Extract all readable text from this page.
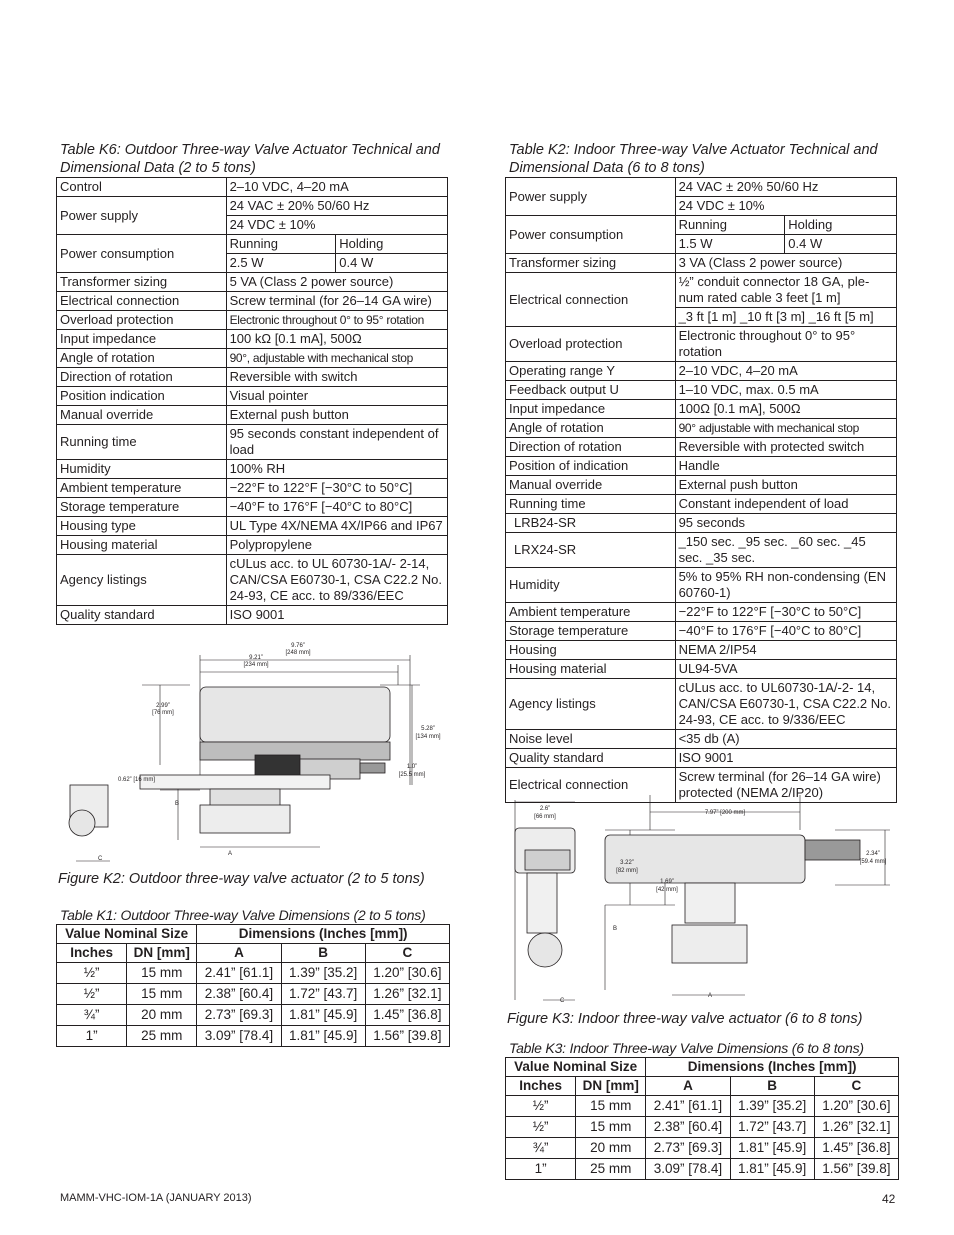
Table K6: Outdoor Three-way Valve Actuator Technical and Dimensional Data (2 to 5 tons)

Control	2–10 VDC, 4–20 mA	
Power supply	24 VAC ± 20% 50/60 Hz	
	24 VDC ± 10%	
Power consumption	Running	Holding
	2.5 W	0.4 W
Transformer sizing	5 VA (Class 2 power source)	
Electrical connection	Screw terminal (for 26–14 GA wire)	
Overload protection	Electronic throughout 0° to 95° rotation	
Input impedance	100 kΩ [0.1 mA], 500Ω	
Angle of rotation	90°, adjustable with mechanical stop	
Direction of rotation	Reversible with switch	
Position indication	Visual pointer	
Manual override	External push button	
Running time	95 seconds constant independent of load	
Humidity	100% RH	
Ambient temperature	−22°F to 122°F [−30°C to 50°C]	
Storage temperature	−40°F to 176°F [−40°C to 80°C]	
Housing type	UL Type 4X/NEMA 4X/IP66 and IP67	
Housing material	Polypropylene	
Agency listings	cULus acc. to UL 60730-1A/- 2-14, CAN/CSA E60730-1, CSA C22.2 No. 24-93, CE acc. to 89/336/EEC	
Quality standard	ISO 9001	
9.76”
[248 mm]
9.21”
[234 mm]
2.99”
[76 mm]
5.28”
[134 mm]
1.0”
[25.5 mm]
0.62” [16 mm]
A
B
C

Figure K2: Outdoor three-way valve actuator (2 to 5 tons)

Table K1: Outdoor Three-way Valve Dimensions (2 to 5 tons)

Value Nominal Size		Dimensions (Inches [mm])		
Inches	DN [mm]	A	B	C
½”	15 mm	2.41” [61.1]	1.39” [35.2]	1.20” [30.6]
½”	15 mm	2.38” [60.4]	1.72” [43.7]	1.26” [32.1]
¾”	20 mm	2.73” [69.3]	1.81” [45.9]	1.45” [36.8]
1”	25 mm	3.09” [78.4]	1.81” [45.9]	1.56” [39.8]

Table K2: Indoor Three-way Valve Actuator Technical and Dimensional Data (6 to 8 tons)

Power supply	24 VAC ± 20% 50/60 Hz	
	24 VDC ± 10%	
Power consumption	Running	Holding
	1.5 W	0.4 W
Transformer sizing	3 VA (Class 2 power source)	
Electrical connection	½” conduit connector 18 GA, ple-num rated cable 3 feet [1 m]	
	_3 ft [1 m] _10 ft [3 m] _16 ft [5 m]	
Overload protection	Electronic throughout 0° to 95° rotation	
Operating range Y	2–10 VDC, 4–20 mA	
Feedback output U	1–10 VDC, max. 0.5 mA	
Input impedance	100Ω [0.1 mA], 500Ω	
Angle of rotation	90° adjustable with mechanical stop	
Direction of rotation	Reversible with protected switch	
Position of indication	Handle	
Manual override	External push button	
Running time	Constant independent of load	
LRB24-SR	95 seconds	
LRX24-SR	_150 sec. _95 sec. _60 sec. _45 sec. _35 sec.	
Humidity	5% to 95% RH non-condensing (EN 60760-1)	
Ambient temperature	−22°F to 122°F [−30°C to 50°C]	
Storage temperature	−40°F to 176°F [−40°C to 80°C]	
Housing	NEMA 2/IP54	
Housing material	UL94-5VA	
Agency listings	cULus acc. to UL60730-1A/-2- 14, CAN/CSA E60730-1, CSA C22.2 No. 24-93, CE acc. to 9/336/EEC	
Noise level	<35 db (A)	
Quality standard	ISO 9001	
Electrical connection	Screw terminal (for 26–14 GA wire) protected (NEMA 2/IP20)	
2.6”
[66 mm]
7.97” [200 mm]
3.22”
[82 mm]
1.69”
[42 mm]
2.34”
[59.4 mm]
A
B
C

Figure K3: Indoor three-way valve actuator (6 to 8 tons)

Table K3: Indoor Three-way Valve Dimensions (6 to 8 tons)

Value Nominal Size		Dimensions (Inches [mm])		
Inches	DN [mm]	A	B	C
½”	15 mm	2.41” [61.1]	1.39” [35.2]	1.20” [30.6]
½”	15 mm	2.38” [60.4]	1.72” [43.7]	1.26” [32.1]
¾”	20 mm	2.73” [69.3]	1.81” [45.9]	1.45” [36.8]
1”	25 mm	3.09” [78.4]	1.81” [45.9]	1.56” [39.8]
MAMM-VHC-IOM-1A (JANUARY 2013)	42
